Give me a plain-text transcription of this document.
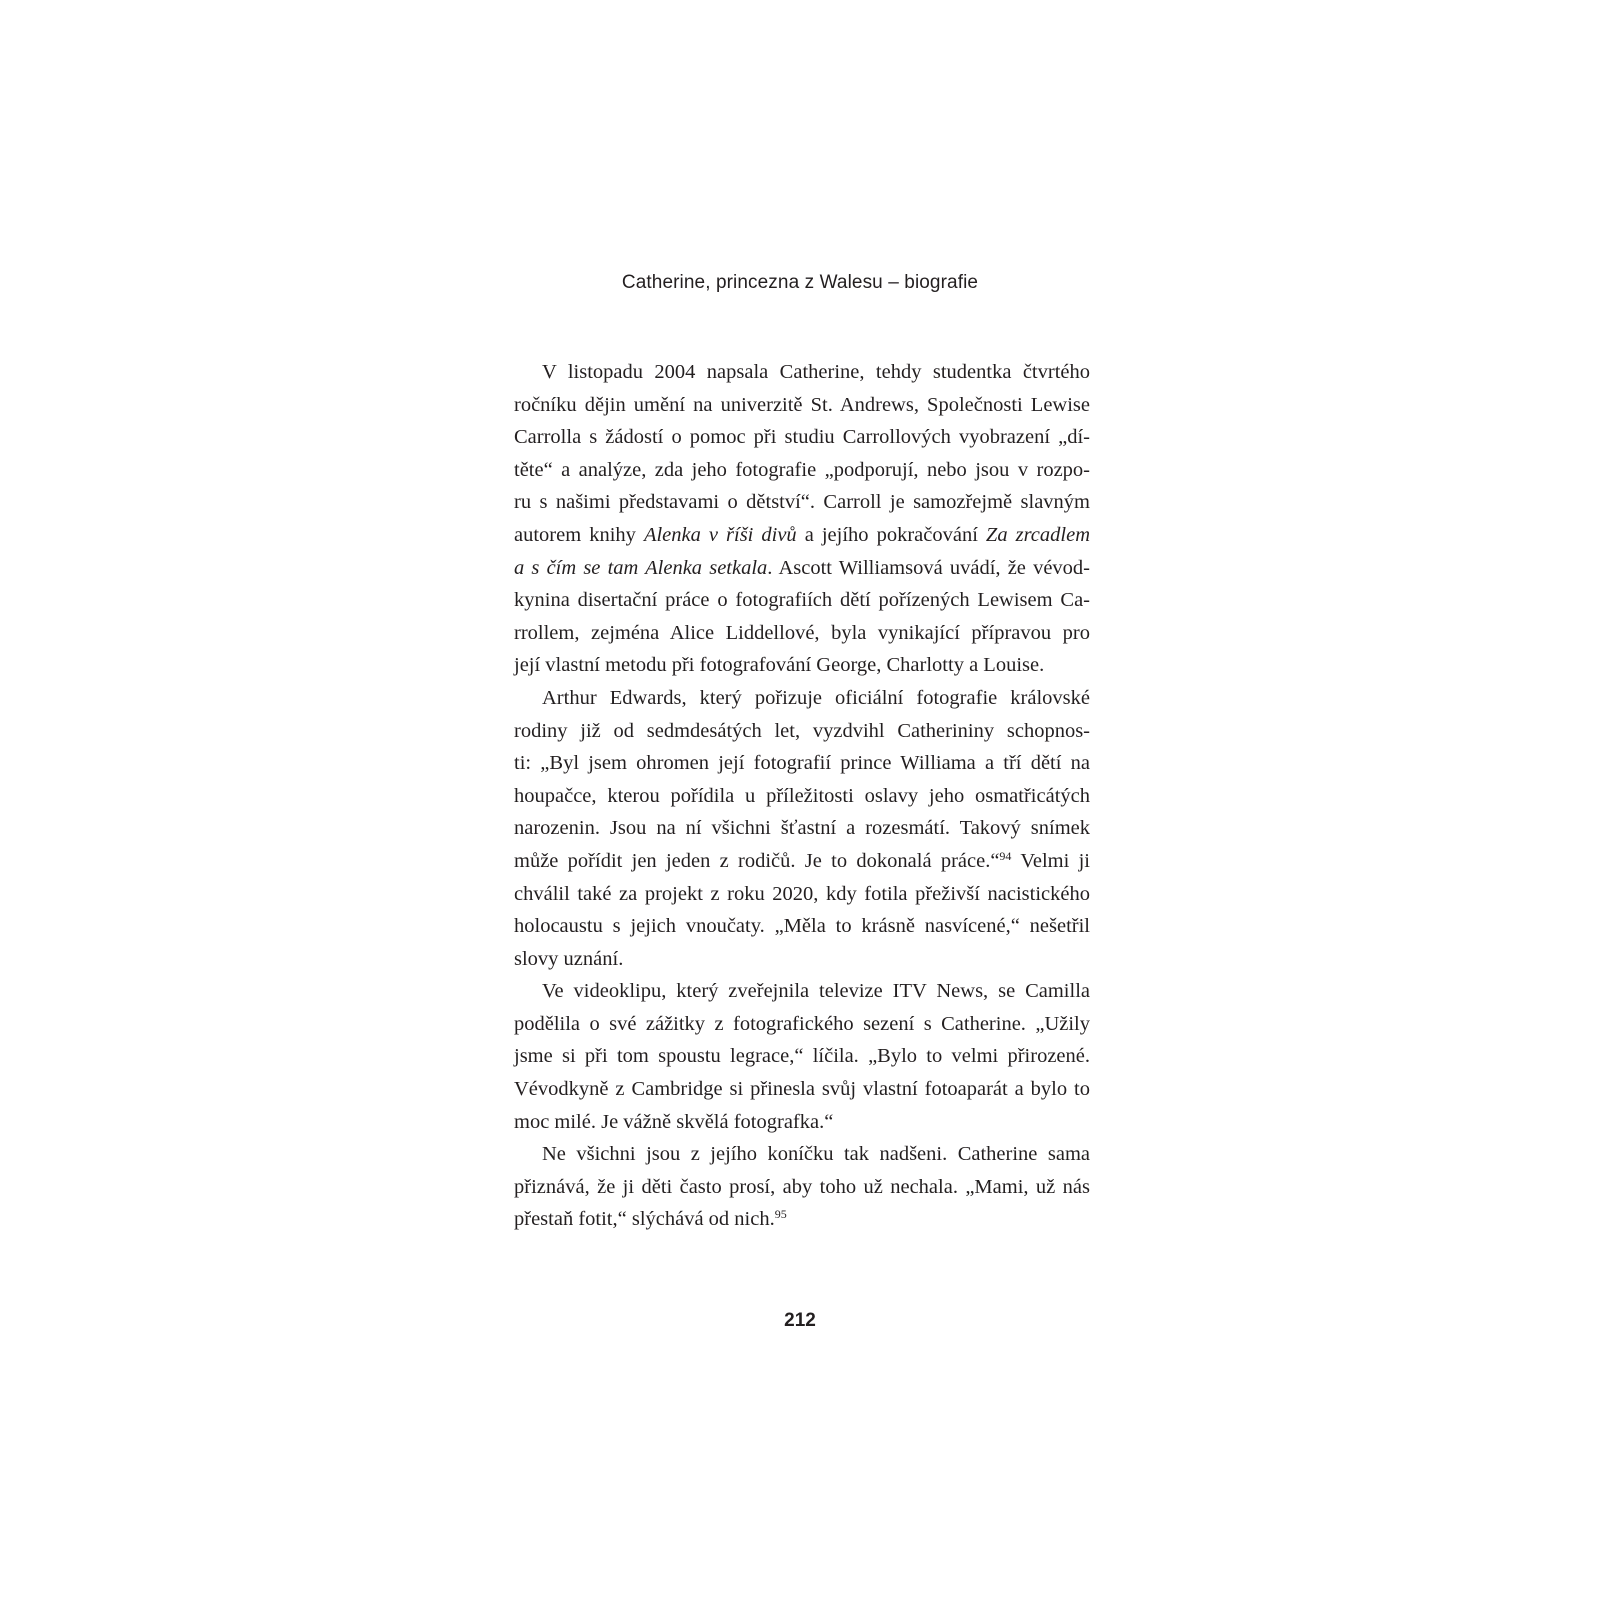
Catherine, princezna z Walesu – biografie
V listopadu 2004 napsala Catherine, tehdy studentka čtvrtého
ročníku dějin umění na univerzitě St. Andrews, Společnosti Lewise
Carrolla s žádostí o pomoc při studiu Carrollových vyobrazení „dí-
těte“ a analýze, zda jeho fotografie „podporují, nebo jsou v rozpo-
ru s našimi představami o dětství“. Carroll je samozřejmě slavným
autorem knihy Alenka v říši divů a jejího pokračování Za zrcadlem
a s čím se tam Alenka setkala. Ascott Williamsová uvádí, že vévod-
kynina disertační práce o fotografiích dětí pořízených Lewisem Ca-
rrollem, zejména Alice Liddellové, byla vynikající přípravou pro
její vlastní metodu při fotografování George, Charlotty a Louise.
Arthur Edwards, který pořizuje oficiální fotografie královské
rodiny již od sedmdesátých let, vyzdvihl Catherininy schopnos-
ti: „Byl jsem ohromen její fotografií prince Williama a tří dětí na
houpačce, kterou pořídila u příležitosti oslavy jeho osmatřicátých
narozenin. Jsou na ní všichni šťastní a rozesmátí. Takový snímek
může pořídit jen jeden z rodičů. Je to dokonalá práce.“$^{94}$ Velmi ji
chválil také za projekt z roku 2020, kdy fotila přeživší nacistického
holocaustu s jejich vnoučaty. „Měla to krásně nasvícené,“ nešetřil
slovy uznání.
Ve videoklipu, který zveřejnila televize ITV News, se Camilla
podělila o své zážitky z fotografického sezení s Catherine. „Užily
jsme si při tom spoustu legrace,“ líčila. „Bylo to velmi přirozené.
Vévodkyně z Cambridge si přinesla svůj vlastní fotoaparát a bylo to
moc milé. Je vážně skvělá fotografka.“
Ne všichni jsou z jejího koníčku tak nadšeni. Catherine sama
přiznává, že ji děti často prosí, aby toho už nechala. „Mami, už nás
přestaň fotit,“ slýchává od nich.$^{95}$
212
